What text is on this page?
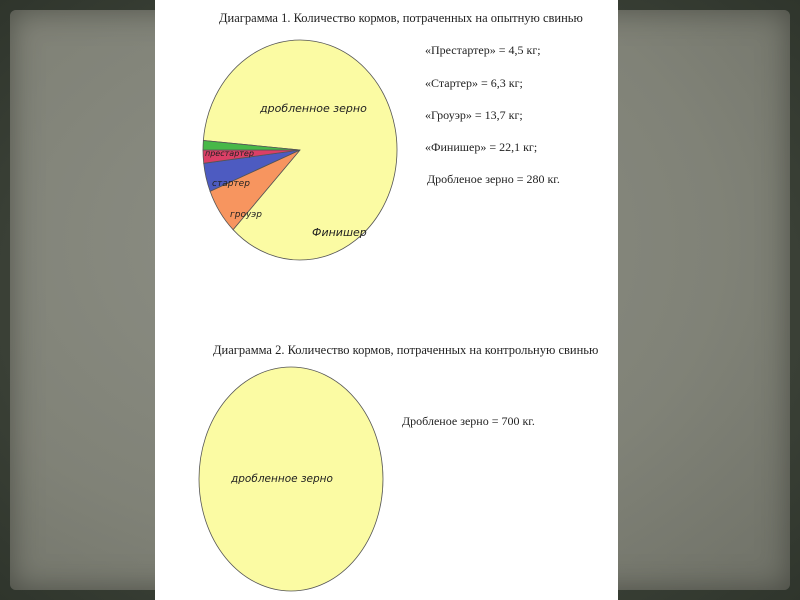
Диаграмма 1. Количество кормов, потраченных на опытную свинью
Диаграмма 2. Количество кормов, потраченных на контрольную свинью
«Престартер» = 4,5 кг;
«Стартер» = 6,3 кг;
«Гроуэр» = 13,7 кг;
«Финишер» = 22,1 кг;
Дробленое зерно = 280 кг.
Дробленое зерно = 700 кг.
дробленное зерно
Финишер
гроуэр
стартер
престартер
дробленное зерно
